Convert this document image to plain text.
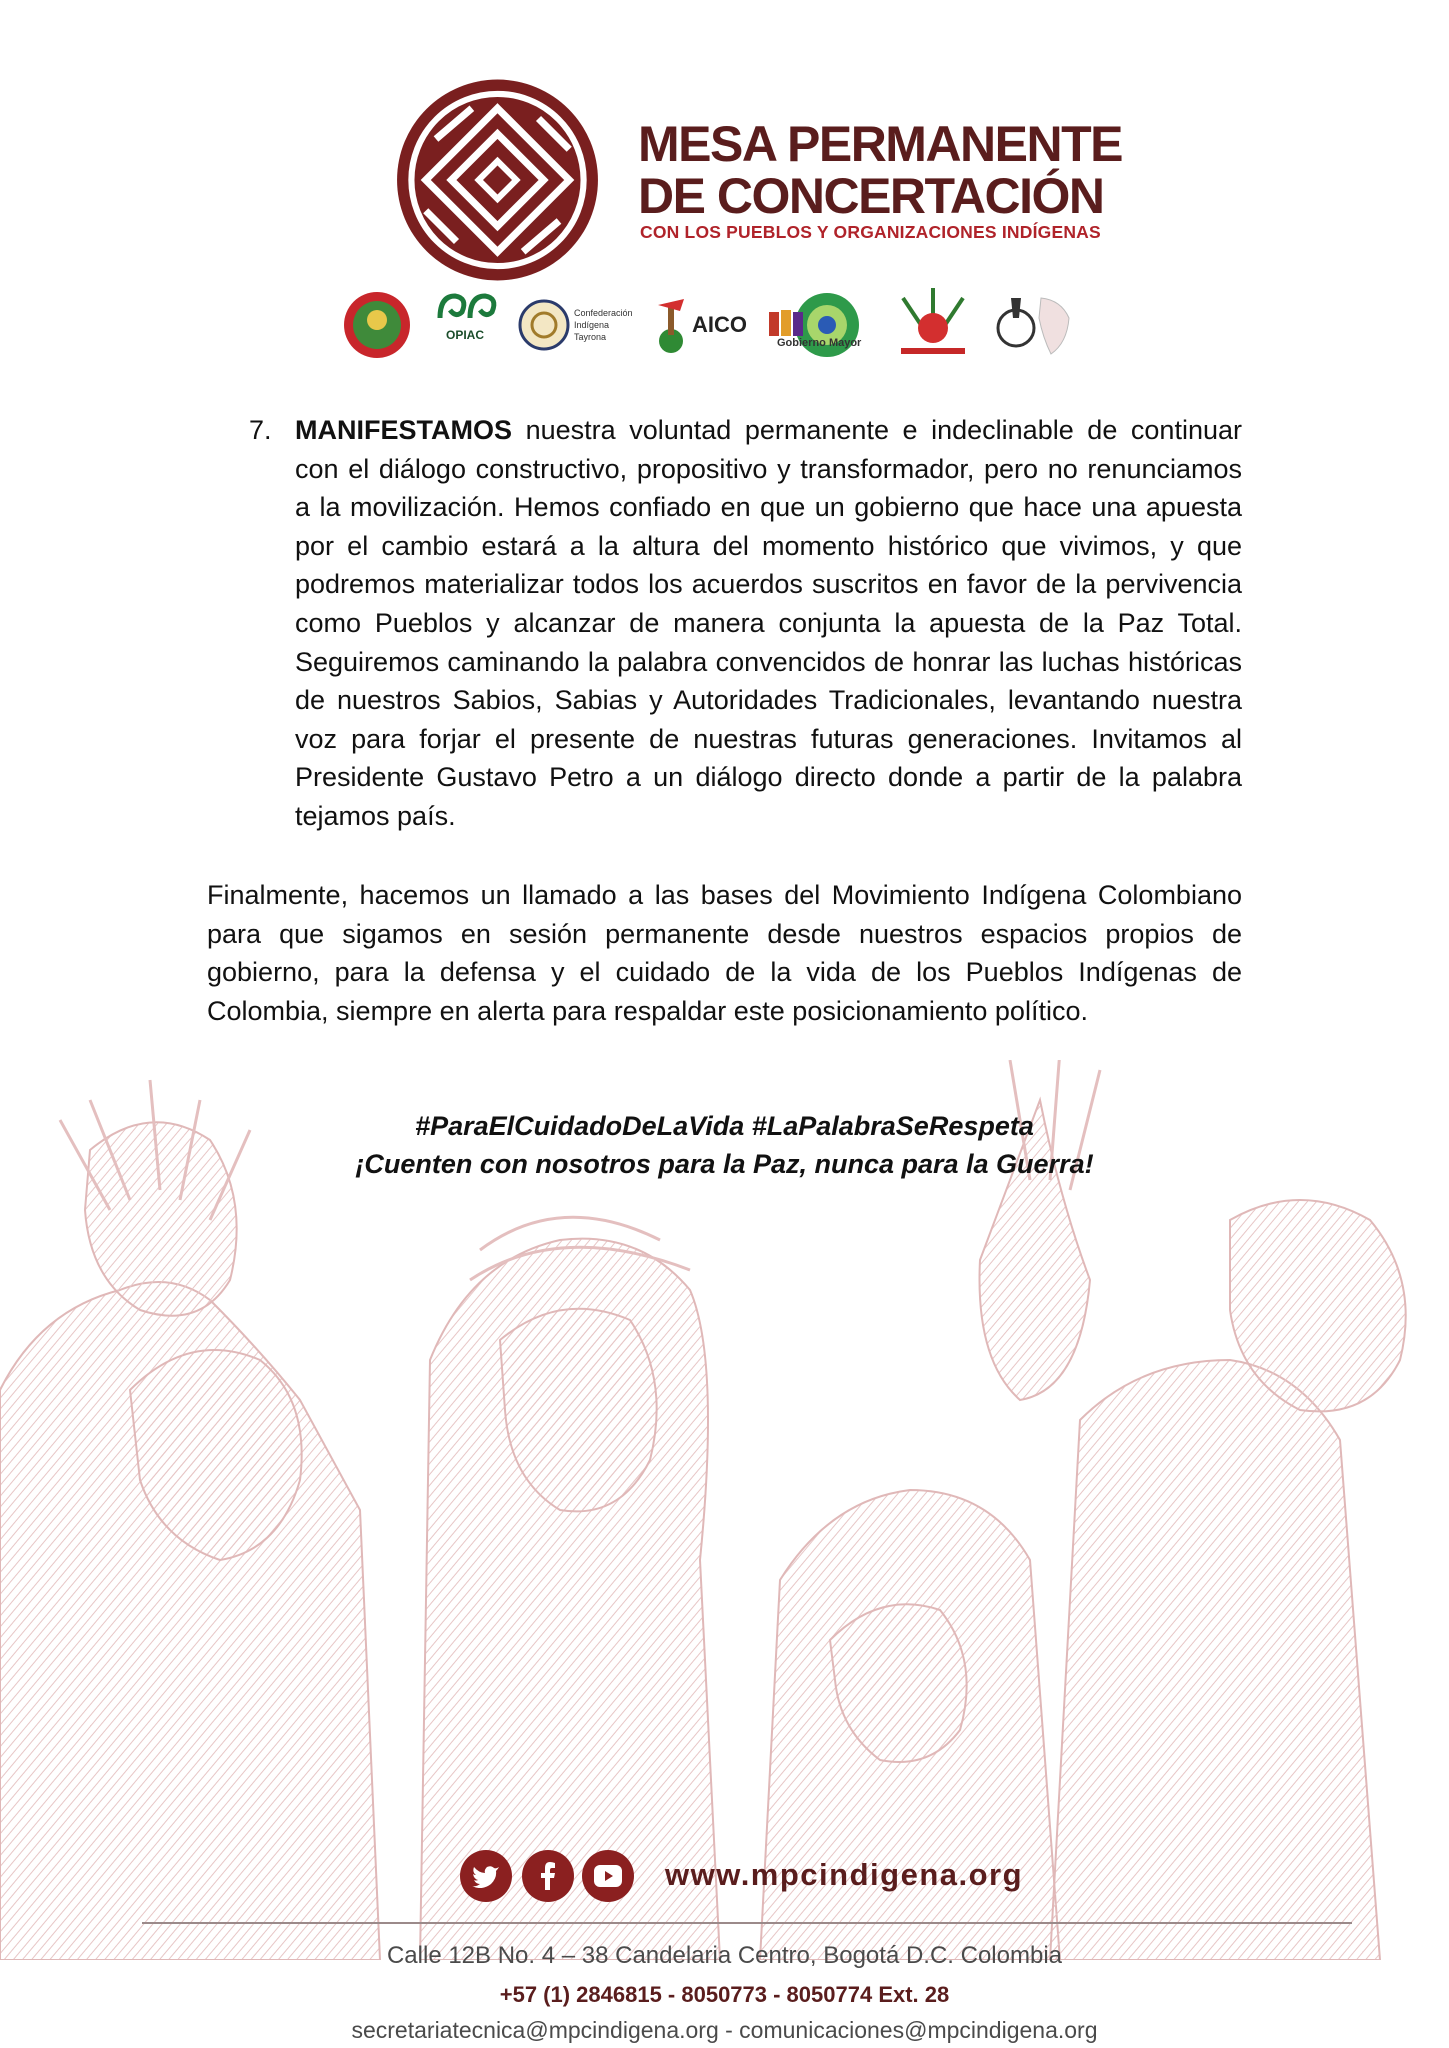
MESA PERMANENTE
DE CONCERTACIÓN
CON LOS PUEBLOS Y ORGANIZACIONES INDÍGENAS
OPIAC
Confederación Indígena Tayrona	AICO
Gobierno Mayor

7. MANIFESTAMOS nuestra voluntad permanente e indeclinable de continuar con el diálogo constructivo, propositivo y transformador, pero no renunciamos a la movilización. Hemos confiado en que un gobierno que hace una apuesta por el cambio estará a la altura del momento histórico que vivimos, y que podremos materializar todos los acuerdos suscritos en favor de la pervivencia como Pueblos y alcanzar de manera conjunta la apuesta de la Paz Total. Seguiremos caminando la palabra convencidos de honrar las luchas históricas de nuestros Sabios, Sabias y Autoridades Tradicionales, levantando nuestra voz para forjar el presente de nuestras futuras generaciones. Invitamos al Presidente Gustavo Petro a un diálogo directo donde a partir de la palabra tejamos país.

Finalmente, hacemos un llamado a las bases del Movimiento Indígena Colombiano para que sigamos en sesión permanente desde nuestros espacios propios de gobierno, para la defensa y el cuidado de la vida de los Pueblos Indígenas de Colombia, siempre en alerta para respaldar este posicionamiento político.

#ParaElCuidadoDeLaVida #LaPalabraSeRespeta

¡Cuenten con nosotros para la Paz, nunca para la Guerra!

www.mpcindigena.org
Calle 12B No. 4 – 38 Candelaria Centro, Bogotá D.C. Colombia
+57 (1) 2846815 - 8050773 - 8050774 Ext. 28
secretariatecnica@mpcindigena.org - comunicaciones@mpcindigena.org
